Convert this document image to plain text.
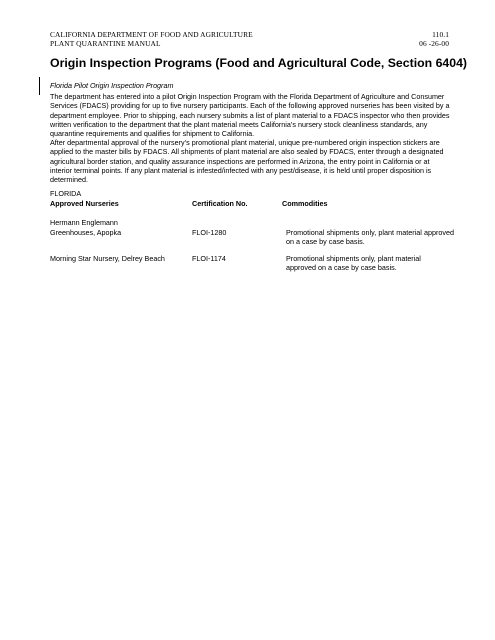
CALIFORNIA DEPARTMENT OF FOOD AND AGRICULTURE	110.1
PLANT QUARANTINE MANUAL	06 -26-00
Origin Inspection Programs (Food and Agricultural Code, Section 6404)
Florida Pilot Origin Inspection Program

The department has entered into a pilot Origin Inspection Program with the Florida Department of Agriculture and Consumer Services (FDACS) providing for up to five nursery participants. Each of the following approved nurseries has been visited by a department employee. Prior to shipping, each nursery submits a list of plant material to a FDACS inspector who then provides written verification to the department that the plant material meets California’s nursery stock cleanliness standards, any quarantine requirements and qualifies for shipment to California.

After departmental approval of the nursery’s promotional plant material, unique pre-numbered origin inspection stickers are applied to the master bills by FDACS. All shipments of plant material are also sealed by FDACS, enter through a designated agricultural border station, and quality assurance inspections are performed in Arizona, the entry point in California or at interior terminal points. If any plant material is infested/infected with any pest/disease, it is held until proper disposition is determined.

FLORIDA
Approved Nurseries	Certification No.	Commodities
Hermann Englemann
Greenhouses, Apopka	FLOI-1280	Promotional shipments only, plant material approved on a case by case basis.
Morning Star Nursery, Delrey Beach	FLOI-1174	Promotional shipments only, plant material approved on a case by case basis.
